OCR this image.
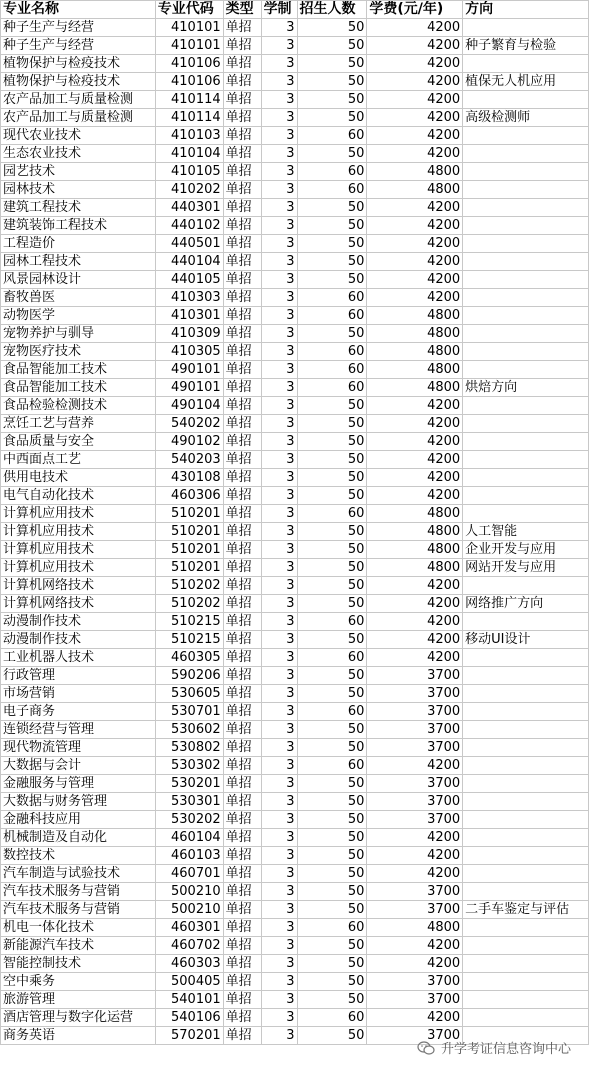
专业名称	专业代码	类型	学制	招生人数	学费(元/年)	方向
种子生产与经营	410101	单招	3	50	4200	
种子生产与经营	410101	单招	3	50	4200	种子繁育与检验
植物保护与检疫技术	410106	单招	3	50	4200	
植物保护与检疫技术	410106	单招	3	50	4200	植保无人机应用
农产品加工与质量检测	410114	单招	3	50	4200	
农产品加工与质量检测	410114	单招	3	50	4200	高级检测师
现代农业技术	410103	单招	3	60	4200	
生态农业技术	410104	单招	3	50	4200	
园艺技术	410105	单招	3	60	4800	
园林技术	410202	单招	3	60	4800	
建筑工程技术	440301	单招	3	50	4200	
建筑装饰工程技术	440102	单招	3	50	4200	
工程造价	440501	单招	3	50	4200	
园林工程技术	440104	单招	3	50	4200	
风景园林设计	440105	单招	3	50	4200	
畜牧兽医	410303	单招	3	60	4200	
动物医学	410301	单招	3	60	4800	
宠物养护与驯导	410309	单招	3	50	4800	
宠物医疗技术	410305	单招	3	60	4800	
食品智能加工技术	490101	单招	3	60	4800	
食品智能加工技术	490101	单招	3	60	4800	烘焙方向
食品检验检测技术	490104	单招	3	50	4200	
烹饪工艺与营养	540202	单招	3	50	4200	
食品质量与安全	490102	单招	3	50	4200	
中西面点工艺	540203	单招	3	50	4200	
供用电技术	430108	单招	3	50	4200	
电气自动化技术	460306	单招	3	50	4200	
计算机应用技术	510201	单招	3	60	4800	
计算机应用技术	510201	单招	3	50	4800	人工智能
计算机应用技术	510201	单招	3	50	4800	企业开发与应用
计算机应用技术	510201	单招	3	50	4800	网站开发与应用
计算机网络技术	510202	单招	3	50	4200	
计算机网络技术	510202	单招	3	50	4200	网络推广方向
动漫制作技术	510215	单招	3	60	4200	
动漫制作技术	510215	单招	3	50	4200	移动UI设计
工业机器人技术	460305	单招	3	60	4200	
行政管理	590206	单招	3	50	3700	
市场营销	530605	单招	3	50	3700	
电子商务	530701	单招	3	60	3700	
连锁经营与管理	530602	单招	3	50	3700	
现代物流管理	530802	单招	3	50	3700	
大数据与会计	530302	单招	3	60	4200	
金融服务与管理	530201	单招	3	50	3700	
大数据与财务管理	530301	单招	3	50	3700	
金融科技应用	530202	单招	3	50	3700	
机械制造及自动化	460104	单招	3	50	4200	
数控技术	460103	单招	3	50	4200	
汽车制造与试验技术	460701	单招	3	50	4200	
汽车技术服务与营销	500210	单招	3	50	3700	
汽车技术服务与营销	500210	单招	3	50	3700	二手车鉴定与评估
机电一体化技术	460301	单招	3	60	4800	
新能源汽车技术	460702	单招	3	50	4200	
智能控制技术	460303	单招	3	50	4200	
空中乘务	500405	单招	3	50	3700	
旅游管理	540101	单招	3	50	3700	
酒店管理与数字化运营	540106	单招	3	60	4200	
商务英语	570201	单招	3	50	3700	
升学考证信息咨询中心
